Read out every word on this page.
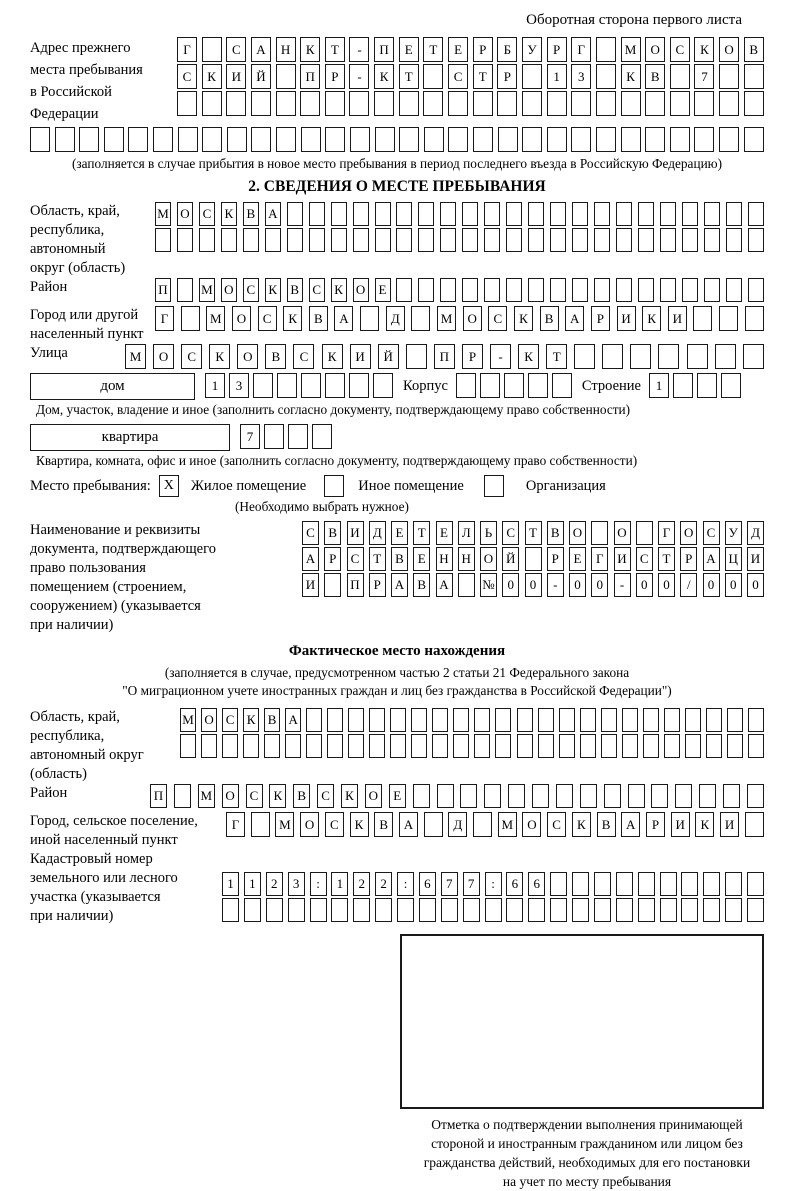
Оборотная сторона первого листа
Адрес прежнего
места пребывания
в Российской
Федерации
Г	С	А	Н	К	Т	-	П	Е	Т	Е	Р	Б	У	Р	Г	М	О	С	К	О	В
С	К	И	Й	П	Р	-	К	Т	С	Т	Р	1	3	К	В	7
(заполняется в случае прибытия в новое место пребывания в период последнего въезда в Российскую Федерацию)
2. СВЕДЕНИЯ О МЕСТЕ ПРЕБЫВАНИЯ
Область, край,
республика,
автономный
округ (область)
М О С К В А
Район	П	М О С К В С К О	Е
Город или другой
населенный пункт
Г	М	О	С	К	В	А	Д	М	О	С	К	В	А	Р	И	К	И
Улица	М	О	С	К	О	В	С	К	И	Й	П	Р	-	К	Т
дом	1	3	Корпус	Строение	1
Дом, участок, владение и иное (заполнить согласно документу, подтверждающему право собственности)
квартира	7
Квартира, комната, офис и иное (заполнить согласно документу, подтверждающему право собственности)
Место пребывания: X	Жилое помещение	Иное помещение	Организация
(Необходимо выбрать нужное)
Наименование и реквизиты
документа, подтверждающего
право пользования
помещением (строением,
сооружением) (указывается
при наличии)
С	В	И	Д	Е	Т	Е	Л	Ь	С	Т	В	О	О	Г	О	С	У	Д
А	Р	С	Т	В	Е	Н Н О Й	Р	Е	Г	И	С	Т	Р	А Ц И
И	П	Р	А	В	А	№ 0	0	-	0	0	-	0	0	/	0	0	0
Фактическое место нахождения
(заполняется в случае, предусмотренном частью 2 статьи 21 Федерального закона
"О миграционном учете иностранных граждан и лиц без гражданства в Российской Федерации")
Область, край,
республика,
автономный округ
(область)
М О С К В А
Район	П	М О	С	К	В	С	К	О	Е
Город, сельское поселение,
иной населенный пункт
Г	М	О	С	К	В	А	Д	М	О	С	К	В	А	Р	И	К	И
Кадастровый номер
земельного или лесного
участка (указывается
при наличии)
1	1	2	3	:	1	2	2	:	6	7	7	:	6	6
Отметка о подтверждении выполнения принимающей
стороной и иностранным гражданином или лицом без
гражданства действий, необходимых для его постановки
на учет по месту пребывания
